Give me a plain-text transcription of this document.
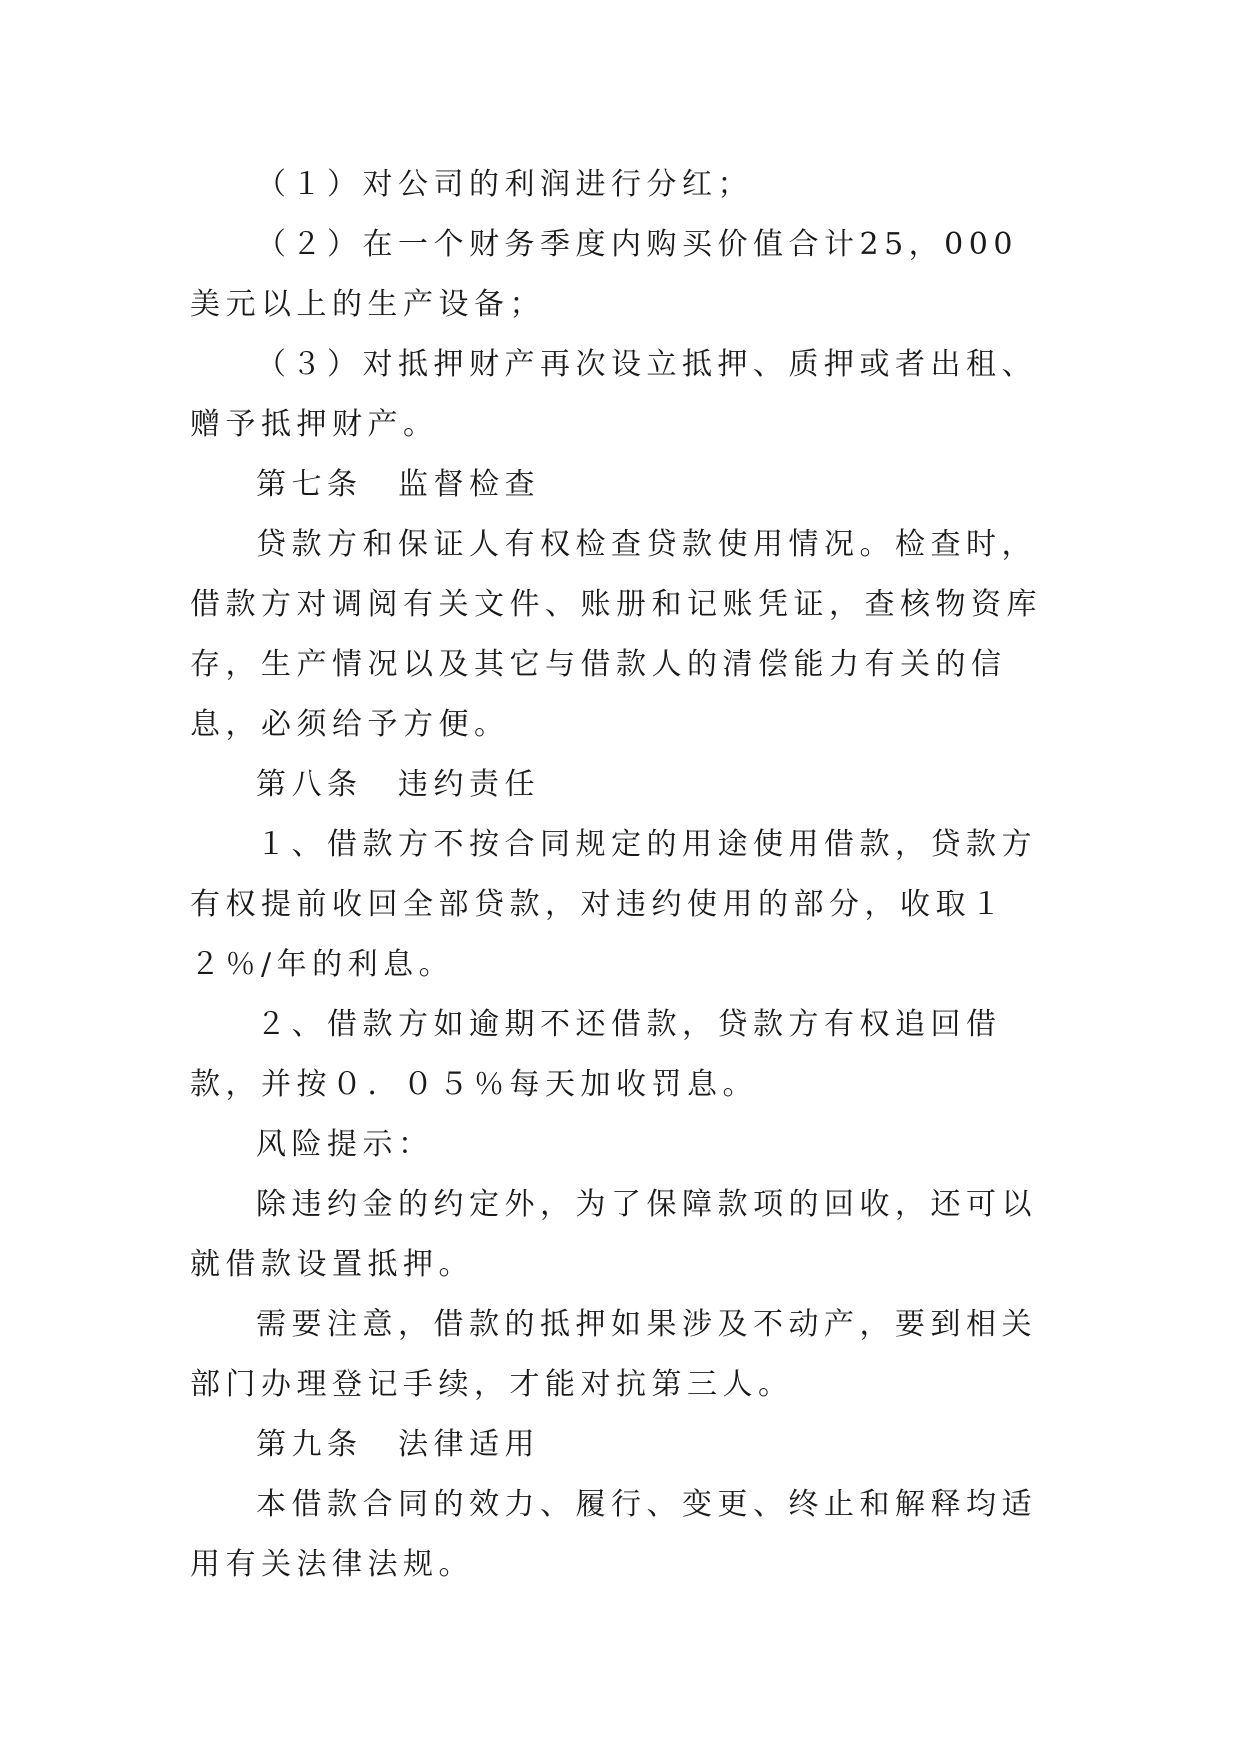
（１）对公司的利润进行分红；

（２）在一个财务季度内购买价值合计25，000美元以上的生产设备；

（３）对抵押财产再次设立抵押、质押或者出租、赠予抵押财产。

第七条　监督检查

贷款方和保证人有权检查贷款使用情况。检查时，借款方对调阅有关文件、账册和记账凭证，查核物资库存，生产情况以及其它与借款人的清偿能力有关的信息，必须给予方便。

第八条　违约责任

１、借款方不按合同规定的用途使用借款，贷款方有权提前收回全部贷款，对违约使用的部分，收取１２％/年的利息。

２、借款方如逾期不还借款，贷款方有权追回借款，并按０．０５％每天加收罚息。

风险提示：

除违约金的约定外，为了保障款项的回收，还可以就借款设置抵押。

需要注意，借款的抵押如果涉及不动产，要到相关部门办理登记手续，才能对抗第三人。

第九条　法律适用

本借款合同的效力、履行、变更、终止和解释均适用有关法律法规。
